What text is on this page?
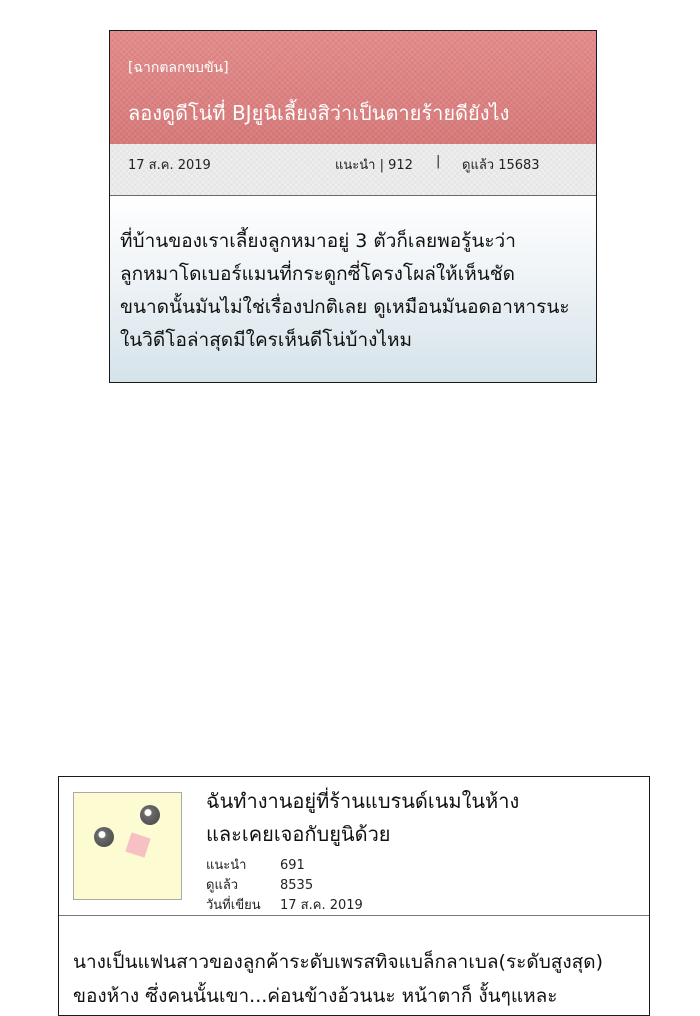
[ฉากตลกขบขัน]
ลองดูดีโน่ที่ BJยูนิเลี้ยงสิว่าเป็นตายร้ายดียังไง
17 ส.ค. 2019	แนะนำ | 912 | ดูแล้ว 15683

ที่บ้านของเราเลี้ยงลูกหมาอยู่ 3 ตัวก็เลยพอรู้นะว่า

ลูกหมาโดเบอร์แมนที่กระดูกซี่โครงโผล่ให้เห็นชัด

ขนาดนั้นมันไม่ใช่เรื่องปกติเลย ดูเหมือนมันอดอาหารนะ

ในวิดีโอล่าสุดมีใครเห็นดีโน่บ้างไหม

ฉันทำงานอยู่ที่ร้านแบรนด์เนมในห้าง
และเคยเจอกับยูนิด้วย
แนะนำ	691
ดูแล้ว	8535
วันที่เขียน 17 ส.ค. 2019

นางเป็นแฟนสาวของลูกค้าระดับเพรสทิจแบล็กลาเบล(ระดับสูงสุด)

ของห้าง ซึ่งคนนั้นเขา...ค่อนข้างอ้วนนะ หน้าตาก็ งั้นๆแหละ
